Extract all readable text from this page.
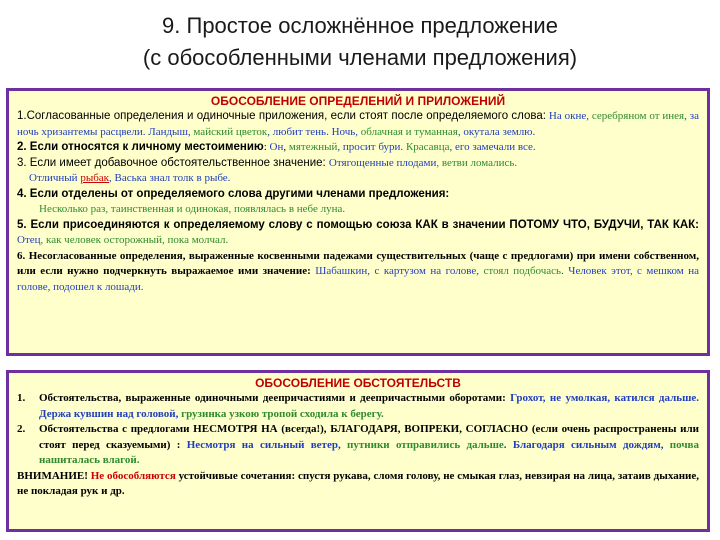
9. Простое осложнённое предложение
(с обособленными членами предложения)
ОБОСОБЛЕНИЕ ОПРЕДЕЛЕНИЙ И ПРИЛОЖЕНИЙ

1.Согласованные определения и одиночные приложения, если стоят после определяемого слова: На окне, серебряном от инея, за ночь хризантемы расцвели. Ландыш, майский цветок, любит тень. Ночь, облачная и туманная, окутала землю.

2. Если относятся к личному местоимению: Он, мятежный, просит бури. Красавца, его замечали все.

3. Если имеет добавочное обстоятельственное значение: Отягощенные плодами, ветви ломались.

Отличный рыбак, Васька знал толк в рыбе.

4. Если отделены от определяемого слова другими членами предложения:

Несколько раз, таинственная и одинокая, появлялась в небе луна.

5. Если присоединяются к определяемому слову с помощью союза КАК в значении ПОТОМУ ЧТО, БУДУЧИ, ТАК КАК: Отец, как человек осторожный, пока молчал.

6. Несогласованные определения, выраженные косвенными падежами существительных (чаще с предлогами) при имени собственном, или если нужно подчеркнуть выражаемое ими значение: Шабашкин, с картузом на голове, стоял подбочась. Человек этот, с мешком на голове, подошел к лошади.

ОБОСОБЛЕНИЕ ОБСТОЯТЕЛЬСТВ

1.	Обстоятельства, выраженные одиночными деепричастиями и деепричастными оборотами: Грохот, не умолкая, катился дальше. Держа кувшин над головой, грузинка узкою тропой сходила к берегу.

2.	Обстоятельства с предлогами НЕСМОТРЯ НА (всегда!), БЛАГОДАРЯ, ВОПРЕКИ, СОГЛАСНО (если очень распространены или стоят перед сказуемыми) : Несмотря на сильный ветер, путники отправились дальше. Благодаря сильным дождям, почва нашиталась влагой.

ВНИМАНИЕ! Не обособляются устойчивые сочетания: спустя рукава, сломя голову, не смыкая глаз, невзирая на лица, затаив дыхание, не покладая рук и др.
